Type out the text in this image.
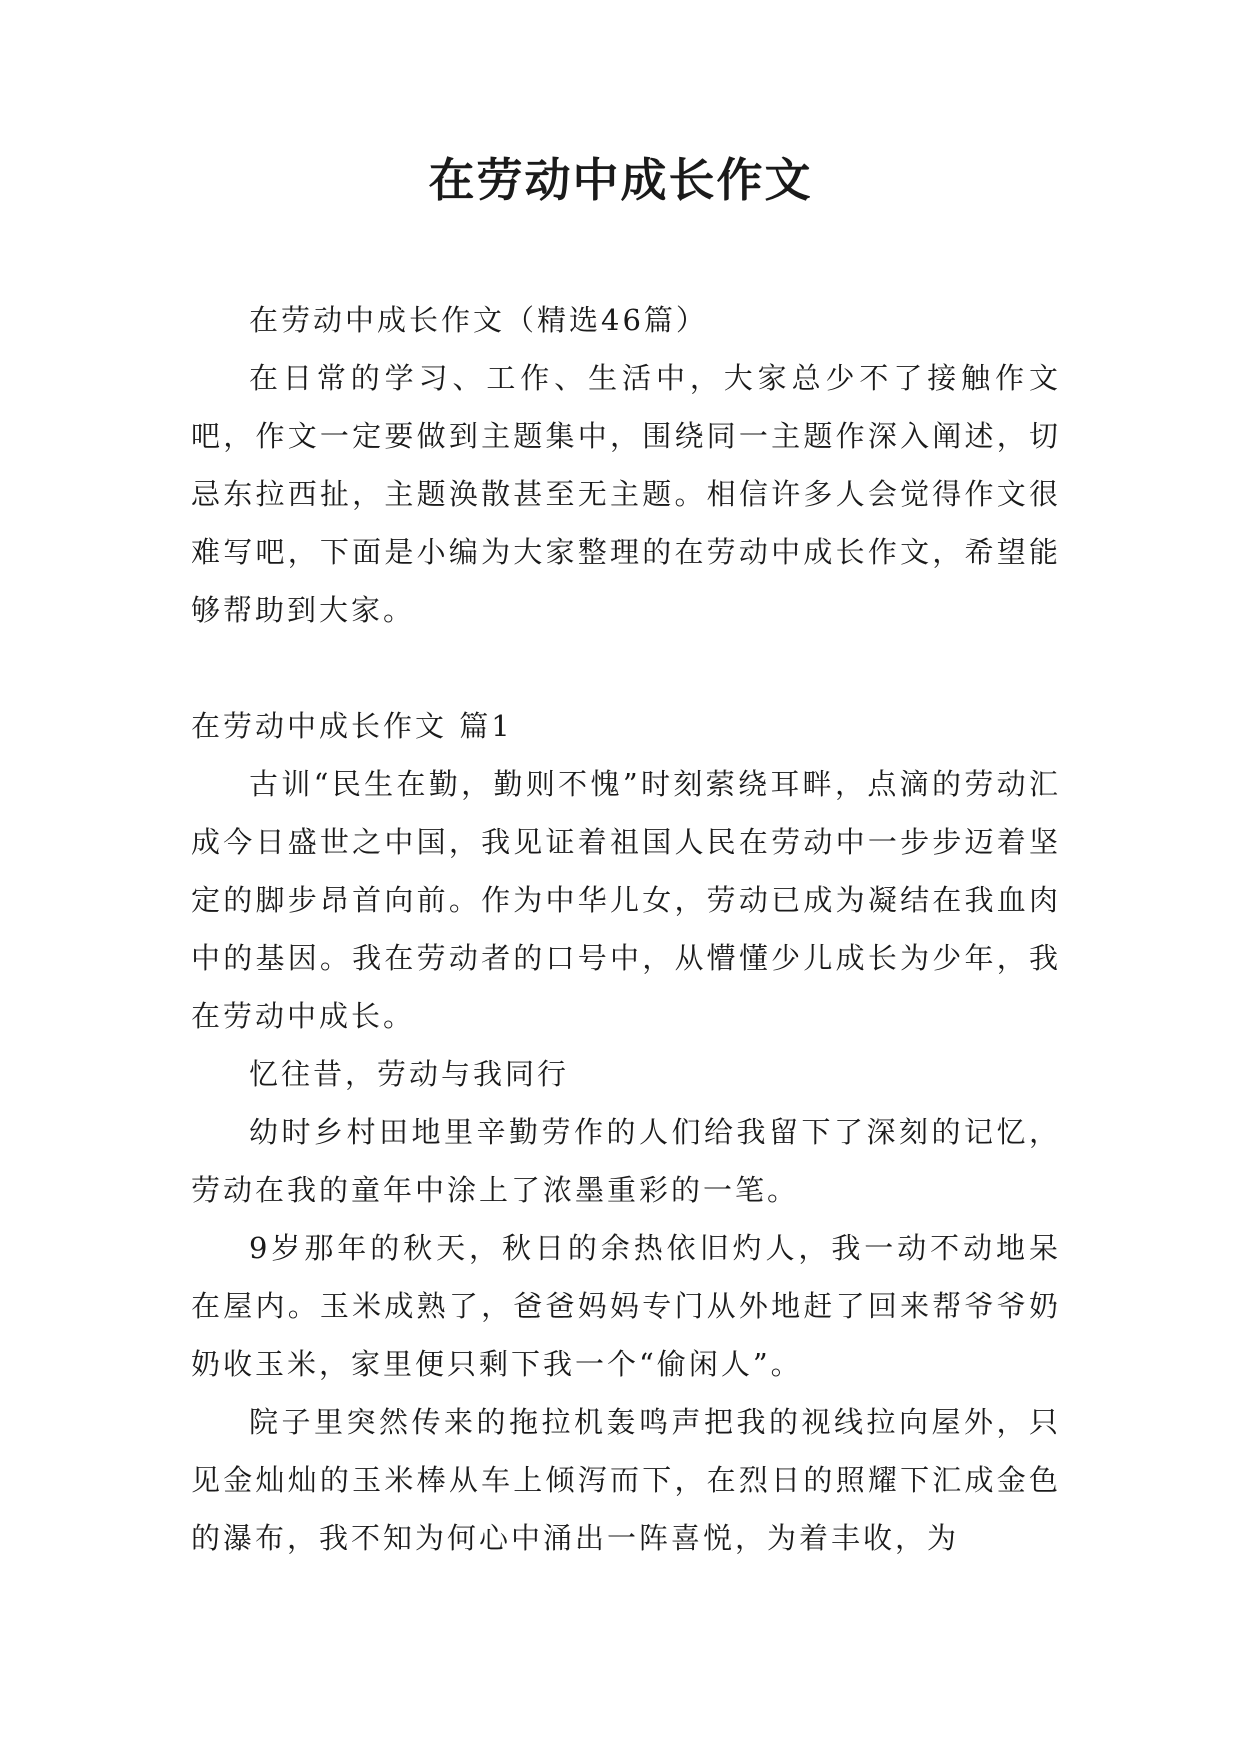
在劳动中成长作文

在劳动中成长作文（精选46篇）

在日常的学习、工作、生活中，大家总少不了接触作文吧，作文一定要做到主题集中，围绕同一主题作深入阐述，切忌东拉西扯，主题涣散甚至无主题。相信许多人会觉得作文很难写吧，下面是小编为大家整理的在劳动中成长作文，希望能够帮助到大家。

在劳动中成长作文 篇1

古训“民生在勤，勤则不愧”时刻萦绕耳畔，点滴的劳动汇成今日盛世之中国，我见证着祖国人民在劳动中一步步迈着坚定的脚步昂首向前。作为中华儿女，劳动已成为凝结在我血肉中的基因。我在劳动者的口号中，从懵懂少儿成长为少年，我在劳动中成长。

忆往昔，劳动与我同行

幼时乡村田地里辛勤劳作的人们给我留下了深刻的记忆，劳动在我的童年中涂上了浓墨重彩的一笔。

9岁那年的秋天，秋日的余热依旧灼人，我一动不动地呆在屋内。玉米成熟了，爸爸妈妈专门从外地赶了回来帮爷爷奶奶收玉米，家里便只剩下我一个“偷闲人”。

院子里突然传来的拖拉机轰鸣声把我的视线拉向屋外，只见金灿灿的玉米棒从车上倾泻而下，在烈日的照耀下汇成金色的瀑布，我不知为何心中涌出一阵喜悦，为着丰收，为
